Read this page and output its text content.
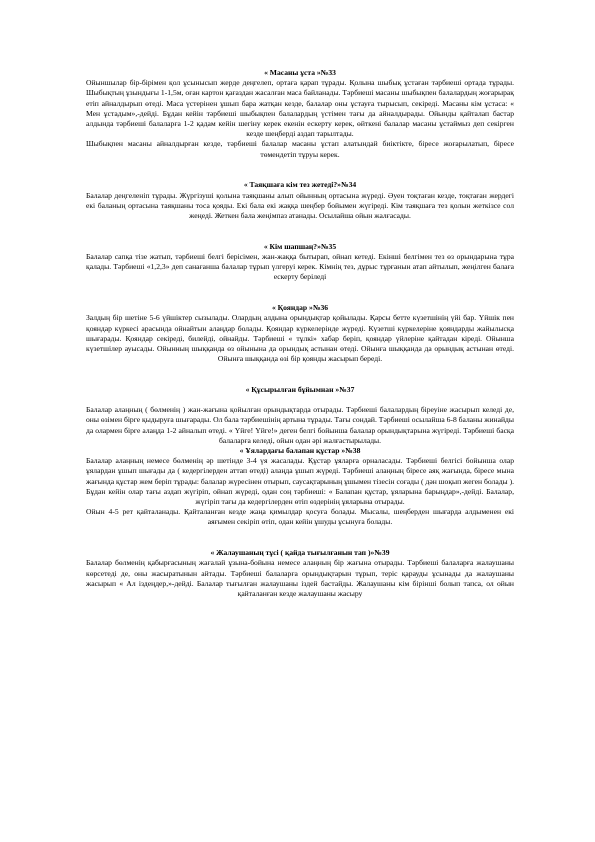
« Масаны ұста »№33

Ойыншылар бір-бірімен қол ұсынысып жерде деңгелеп, ортаға қарап тұрады. Қолына шыбық ұстаған тәрбиеші ортада тұрады. Шыбықтың ұзындығы 1-1,5м, оған картон қағаздан жасалған маса байланады. Тәрбиеші масаны шыбықпен балалардың жоғарырақ етіп айналдырып өтеді. Маса үстерінен ұшып бара жатқан кезде, балалар оны ұстауға тырысып, секіреді. Масаны кім ұстаса: « Мен ұстадым»,-дейді. Бұдан кейін тәрбиеші шыбықпен балалардың үстімен тағы да айналдырады. Ойынды қайталап бастар алдында тәрбиеші балаларға 1-2 қадам кейін шегіну керек екенін ескерту керек, өйткені балалар масаны ұстаймыз деп секірген кезде шеңберді аздап тарылтады.

Шыбықпен масаны айналдырған кезде, тәрбиеші балалар масаны ұстап алатындай биіктікте, біресе жоғарылатып, біресе төмендетіп тұруы керек.

« Таяқшаға кім тез жетеді?»№34

Балалар деңгеленіп тұрады. Жүргізуші қолына таяқшаны алып ойынның ортасына жүреді. Әуен тоқтаған кезде, тоқтаған жердегі екі баланың ортасына таяқшаны тоса қояды. Екі бала екі жаққа шеңбер бойымен жүгіреді. Кім таяқшаға тез қолын жеткізсе сол жеңеді. Жеткен бала жеңімпаз атанады. Осылайша ойын жалғасады.

« Кім шапшаң?»№35

Балалар сапқа тізе жатып, тәрбиеші белгі берісімен, жан-жаққа бытырап, ойнап кетеді. Екінші белгімен тез өз орындарына тұра қалады. Тәрбиеші «1,2,3» деп санағанша балалар тұрып үлгеруі керек. Кімнің тез, дұрыс тұрғанын атап айтылып, жеңілген балаға ескерту беріледі

« Қояндар »№36

Залдың бір шетіне 5-6 үйшіктер сызылады. Олардың алдына орындықтар қойылады. Қарсы бетте күзетшінің үйі бар. Үйшік пен қояндар күркесі арасында ойнайтын алаңдар болады. Қояндар күркелерінде жүреді. Күзетші күркелеріне қояндарды жайылысқа шығарады. Қояндар секіреді, билейді, ойнайды. Тәрбиеші « тұлкі» хабар беріп, қояндар үйлеріне қайтадан кіреді. Ойынша күзетшілер ауысады. Ойынның шыққанда өз ойынына да орындық астынан өтеді. Ойынға шыққанда да орындық астынан өтеді. Ойынға шыққанда өзі бір қоянды жасырып береді.

« Құсырылған бұйымнан »№37

Балалар алаңның ( бөлменің ) жан-жағына қойылған орындықтарда отырады. Тәрбиеші балалардың біреуіне жасырып келеді де, оны өзімен бірге қыдыруға шығарады. Ол бала тәрбиешінің артына тұрады. Тағы сондай. Тәрбиеші осылайша 6-8 баланы жинайды да олармен бірге алаңда 1-2 айналып өтеді. « Үйге! Үйге!» деген белгі бойынша балалар орындықтарына жүгіреді. Тәрбиеші басқа балаларға келеді, ойын одан әрі жалғастырылады.

« Ұялардағы балапан құстар »№38

Балалар алаңның немесе бөлменің әр шетінде 3-4 үя жасалады. Құстар ұяларға орналасады. Тәрбиеші белгісі бойынша олар ұялардан ұшып шығады да ( кедергілерден аттап өтеді) алаңда ұшып жүреді. Тәрбиеші алаңның біресе аяқ жағында, біресе мына жағында құстар жем беріп тұрады: балалар жүресінен отырып, саусақтарының ұшымен тізесін соғады ( дән шоқып жеген болады ). Бұдан кейін олар тағы аздап жүгіріп, ойнап жүреді, одан соң тәрбиеші: « Балапан құстар, ұяларына барыңдар»,-дейді. Балалар, жүгіріп тағы да кедергілерден өтіп өздерінің ұяларына отырады.

Ойын 4-5 рет қайталанады. Қайталанған кезде жаңа қимылдар қосуға болады. Мысалы, шеңберден шығарда алдыменен екі аяғымен секіріп өтіп, одан кейін ұшуды ұсынуға болады.

« Жалаушаның тұсі ( қайда тығылғанын тап )»№39

Балалар бөлменің қабырғасының жағалай ұзына-бойына немесе алаңның бір жағына отырады. Тәрбиеші балаларға жалаушаны көрсетеді де, оны жасыратынын айтады. Тәрбиеші балаларға орындықтарын тұрып, теріс қарауды ұсынады да жалаушаны жасырып « Ал іздеңдер,»-дейді. Балалар тығылған жалаушаны іздей бастайды. Жалаушаны кім бірінші болып тапса, ол ойын қайталанған кезде жалаушаны жасыру
